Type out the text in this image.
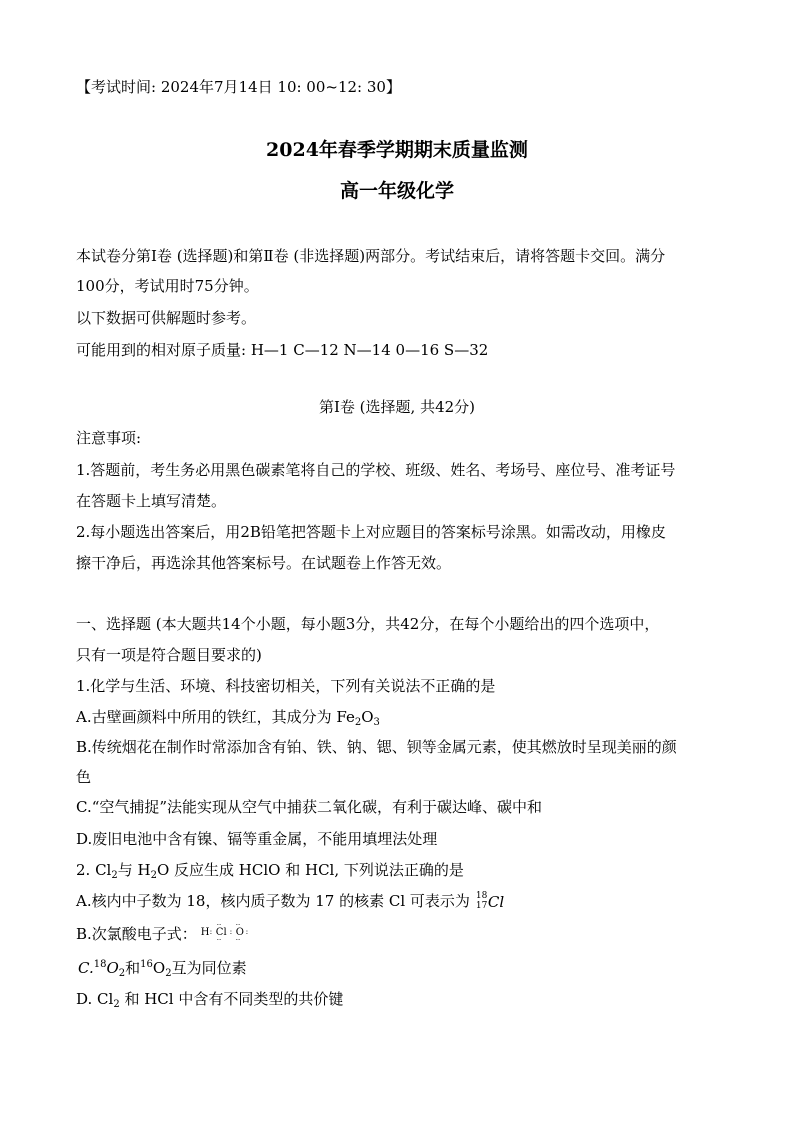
【考试时间: 2024年7月14日 10: 00~12: 30】
2024年春季学期期末质量监测
高一年级化学
本试卷分第Ⅰ卷 (选择题)和第Ⅱ卷 (非选择题)两部分。考试结束后，请将答题卡交回。满分
100分，考试用时75分钟。
以下数据可供解题时参考。
可能用到的相对原子质量: H—1 C—12 N—14 0—16 S—32
第Ⅰ卷 (选择题, 共42分)
注意事项:
1.答题前，考生务必用黑色碳素笔将自己的学校、班级、姓名、考场号、座位号、准考证号
在答题卡上填写清楚。
2.每小题选出答案后，用2B铅笔把答题卡上对应题目的答案标号涂黑。如需改动，用橡皮
擦干净后，再选涂其他答案标号。在试题卷上作答无效。
一、选择题 (本大题共14个小题，每小题3分，共42分，在每个小题给出的四个选项中，
只有一项是符合题目要求的)
1.化学与生活、环境、科技密切相关，下列有关说法不正确的是
A.古壁画颜料中所用的铁红，其成分为 $Fe_2O_3$
B.传统烟花在制作时常添加含有铂、铁、钠、锶、钡等金属元素，使其燃放时呈现美丽的颜
色
C.“空气捕捉”法能实现从空气中捕获二氧化碳，有利于碳达峰、碳中和
D.废旧电池中含有镍、镉等重金属，不能用填埋法处理
2. $Cl_2$与 $H_2O$ 反应生成 HClO 和 HCl, 下列说法正确的是
A.核内中子数为 18，核内质子数为 17 的核素 Cl 可表示为 18
17 Cl
B.次氯酸电子式： H : Cl
··
··
: O
··
··
:
$C.^{18}O_2$和$^{16}O_2$互为同位素
D. $Cl_2$ 和 HCl 中含有不同类型的共价键
